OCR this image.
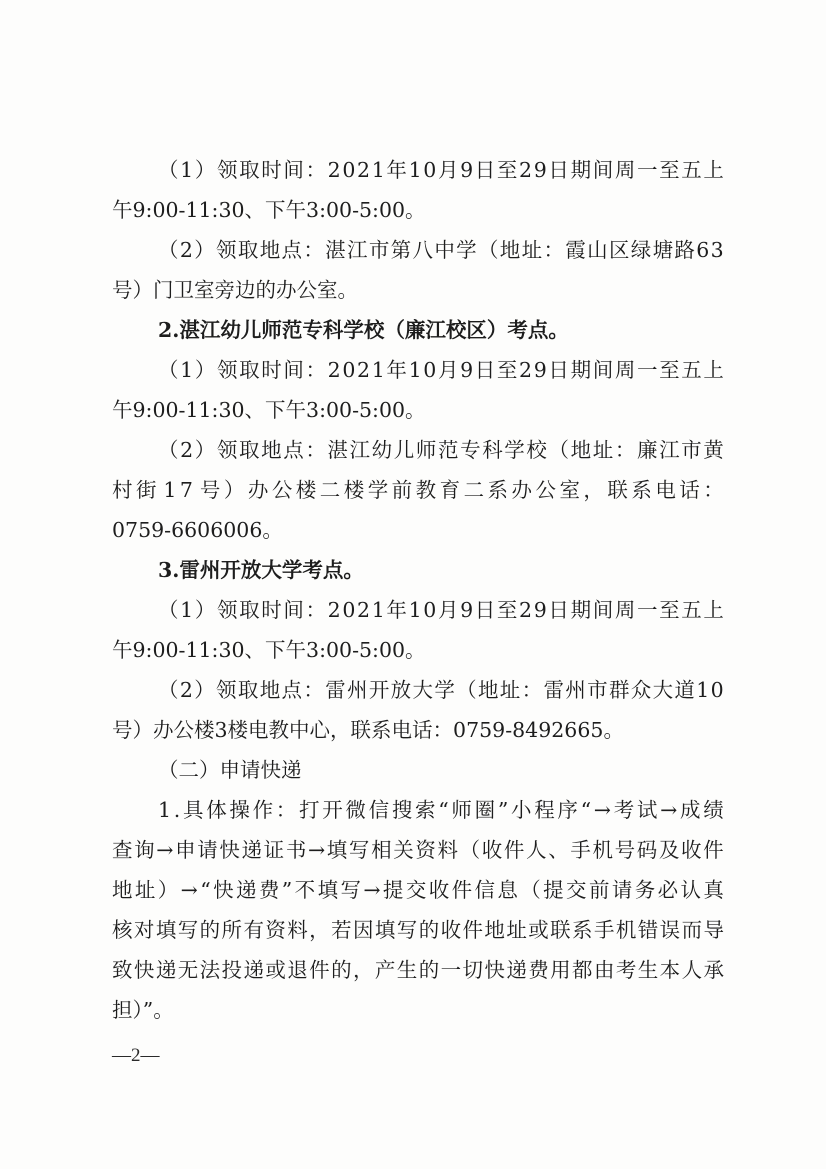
（ 1 ） 领 取 时 间 ： 2 0 2 1 年 1 0 月 9 日 至 2 9 日 期 间 周 一 至 五 上
午9:00-11:30、下午3:00-5:00。
（ 2 ） 领 取 地 点 ： 湛 江 市 第 八 中 学 （ 地 址 ： 霞 山 区 绿 塘 路 6 3
号）门卫室旁边的办公室。
2.湛江幼儿师范专科学校（廉江校区）考点。
（ 1 ） 领 取 时 间 ： 2 0 2 1 年 1 0 月 9 日 至 2 9 日 期 间 周 一 至 五 上
午9:00-11:30、下午3:00-5:00。
（ 2 ） 领 取 地 点 ： 湛 江 幼 儿 师 范 专 科 学 校 （ 地 址 ： 廉 江 市 黄
村 街 1 7 号 ） 办 公 楼 二 楼 学 前 教 育 二 系 办 公 室 ， 联 系 电 话 ：
0759-6606006。
3.雷州开放大学考点。
（ 1 ） 领 取 时 间 ： 2 0 2 1 年 1 0 月 9 日 至 2 9 日 期 间 周 一 至 五 上
午9:00-11:30、下午3:00-5:00。
（ 2 ） 领 取 地 点 ： 雷 州 开 放 大 学 （ 地 址 ： 雷 州 市 群 众 大 道 1 0
号）办公楼3楼电教中心，联系电话：0759-8492665。
（二）申请快递
1 . 具 体 操 作 ： 打 开 微 信 搜 索 “ 师 圈 ” 小 程 序 “ → 考 试 → 成 绩
查 询 → 申 请 快 递 证 书 → 填 写 相 关 资 料 （ 收 件 人 、 手 机 号 码 及 收 件
地 址 ） → “ 快 递 费 ” 不 填 写 → 提 交 收 件 信 息 （ 提 交 前 请 务 必 认 真
核 对 填 写 的 所 有 资 料 ， 若 因 填 写 的 收 件 地 址 或 联 系 手 机 错 误 而 导
致 快 递 无 法 投 递 或 退 件 的 ， 产 生 的 一 切 快 递 费 用 都 由 考 生 本 人 承
担）”。
—2—
